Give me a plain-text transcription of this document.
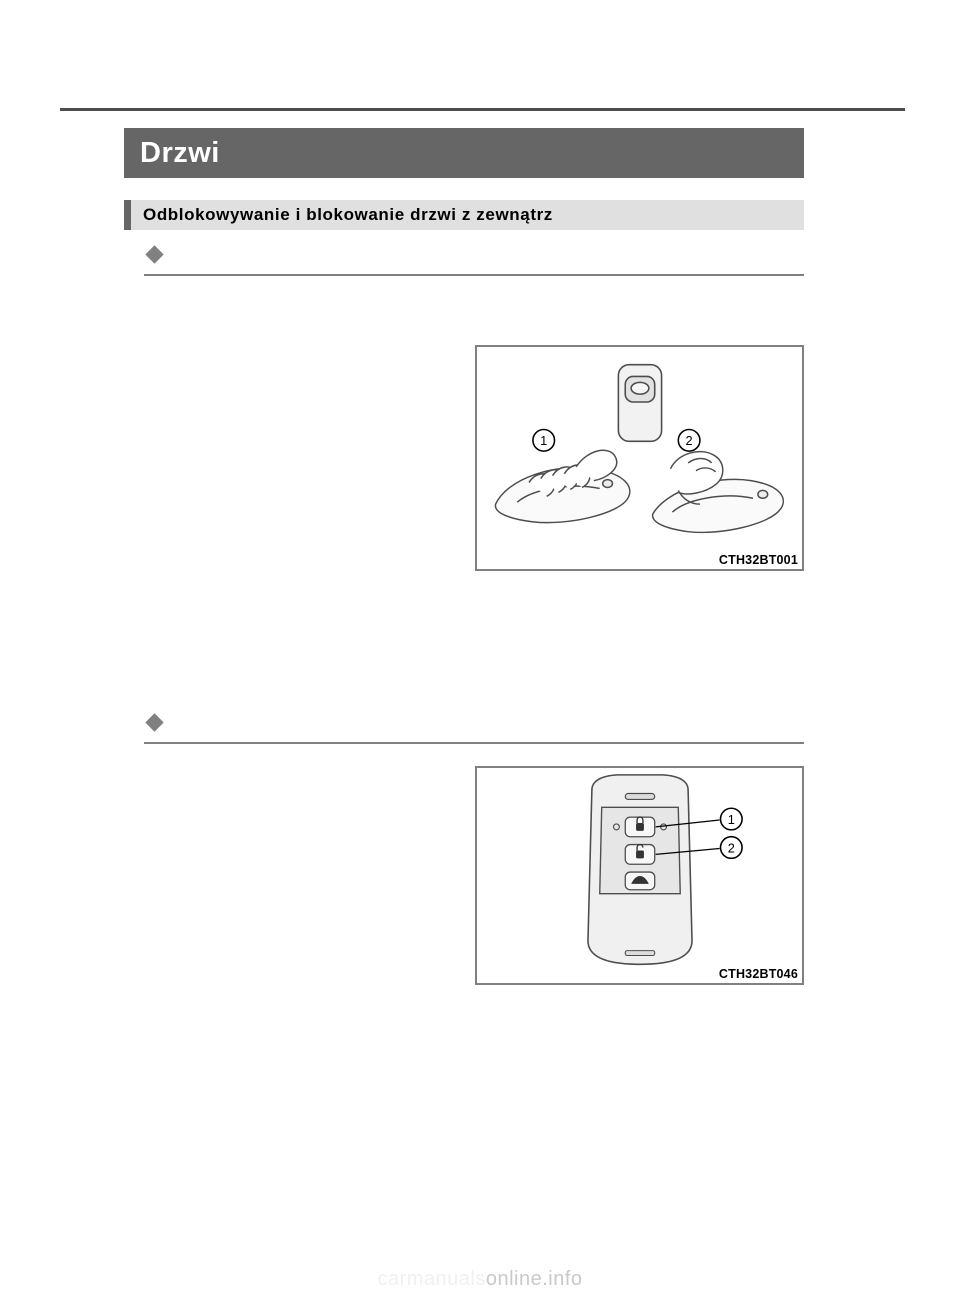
Drzwi
Odblokowywanie i blokowanie drzwi z zewnątrz
1	2
CTH32BT001
1
2
CTH32BT046
carmanualsonline.info
